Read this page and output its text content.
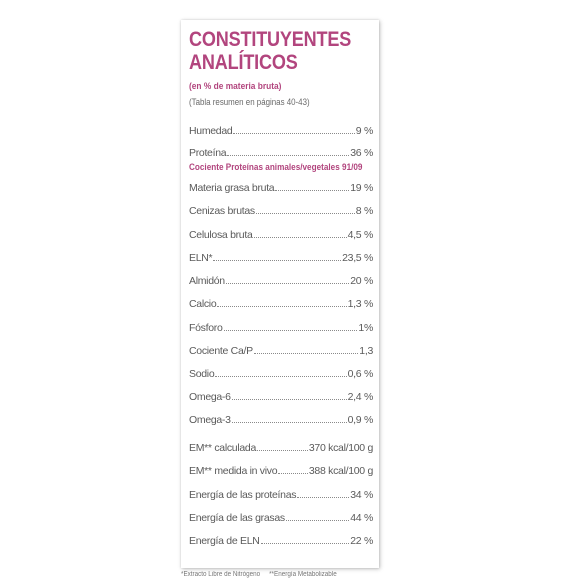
CONSTITUYENTES
ANALÍTICOS
(en % de materia bruta)
(Tabla resumen en páginas 40-43)
Humedad	9 %
Proteína	36 %
Cociente Proteínas animales/vegetales 91/09
Materia grasa bruta	19 %
Cenizas brutas	8 %
Celulosa bruta	4,5 %
ELN*	23,5 %
Almidón	20 %
Calcio	1,3 %
Fósforo	1%
Cociente Ca/P	1,3
Sodio	0,6 %
Omega-6	2,4 %
Omega-3	0,9 %
EM** calculada	370 kcal/100 g
EM** medida in vivo	388 kcal/100 g
Energía de las proteínas	34 %
Energía de las grasas	44 %
Energía de ELN	22 %
*Extracto Libre de Nitrógeno **Energía Metabolizable
